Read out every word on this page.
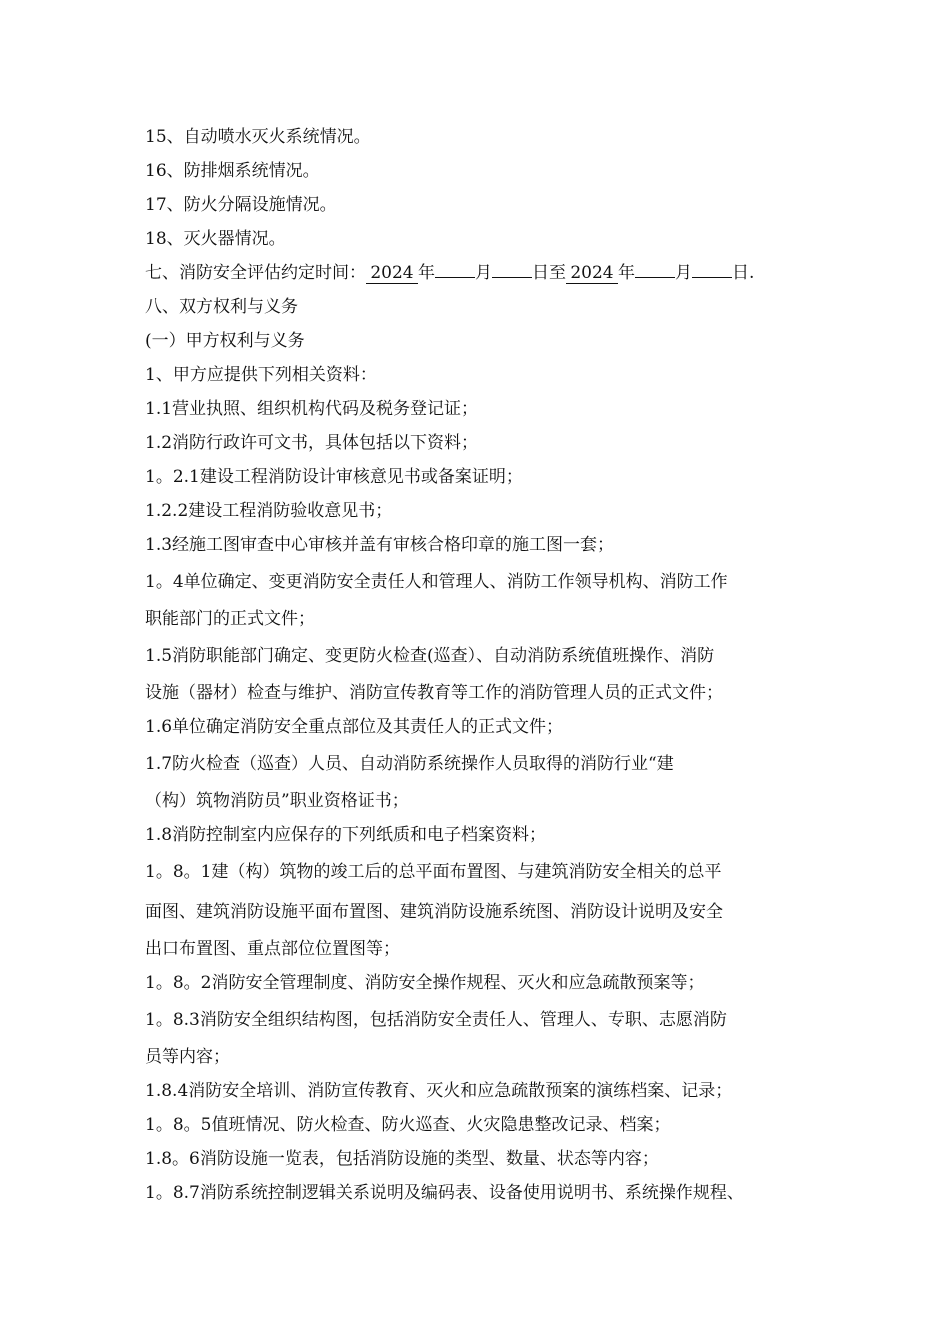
15、自动喷水灭火系统情况。
16、防排烟系统情况。
17、防火分隔设施情况。
18、灭火器情况。
七、消防安全评估约定时间： 2024 年 月 日至 2024 年 月 日.
八、双方权利与义务
(一）甲方权利与义务
1、甲方应提供下列相关资料：
1.1营业执照、组织机构代码及税务登记证；
1.2消防行政许可文书，具体包括以下资料；
1。2.1建设工程消防设计审核意见书或备案证明；
1.2.2建设工程消防验收意见书；
1.3经施工图审查中心审核并盖有审核合格印章的施工图一套；
1。4单位确定、变更消防安全责任人和管理人、消防工作领导机构、消防工作
职能部门的正式文件；
1.5消防职能部门确定、变更防火检查(巡查）、自动消防系统值班操作、消防
设施（器材）检查与维护、消防宣传教育等工作的消防管理人员的正式文件；
1.6单位确定消防安全重点部位及其责任人的正式文件；
1.7防火检查（巡查）人员、自动消防系统操作人员取得的消防行业“建
（构）筑物消防员”职业资格证书；
1.8消防控制室内应保存的下列纸质和电子档案资料；
1。8。1建（构）筑物的竣工后的总平面布置图、与建筑消防安全相关的总平
面图、建筑消防设施平面布置图、建筑消防设施系统图、消防设计说明及安全
出口布置图、重点部位位置图等；
1。8。2消防安全管理制度、消防安全操作规程、灭火和应急疏散预案等；
1。8.3消防安全组织结构图，包括消防安全责任人、管理人、专职、志愿消防
员等内容；
1.8.4消防安全培训、消防宣传教育、灭火和应急疏散预案的演练档案、记录；
1。8。5值班情况、防火检查、防火巡查、火灾隐患整改记录、档案；
1.8。6消防设施一览表，包括消防设施的类型、数量、状态等内容；
1。8.7消防系统控制逻辑关系说明及编码表、设备使用说明书、系统操作规程、
